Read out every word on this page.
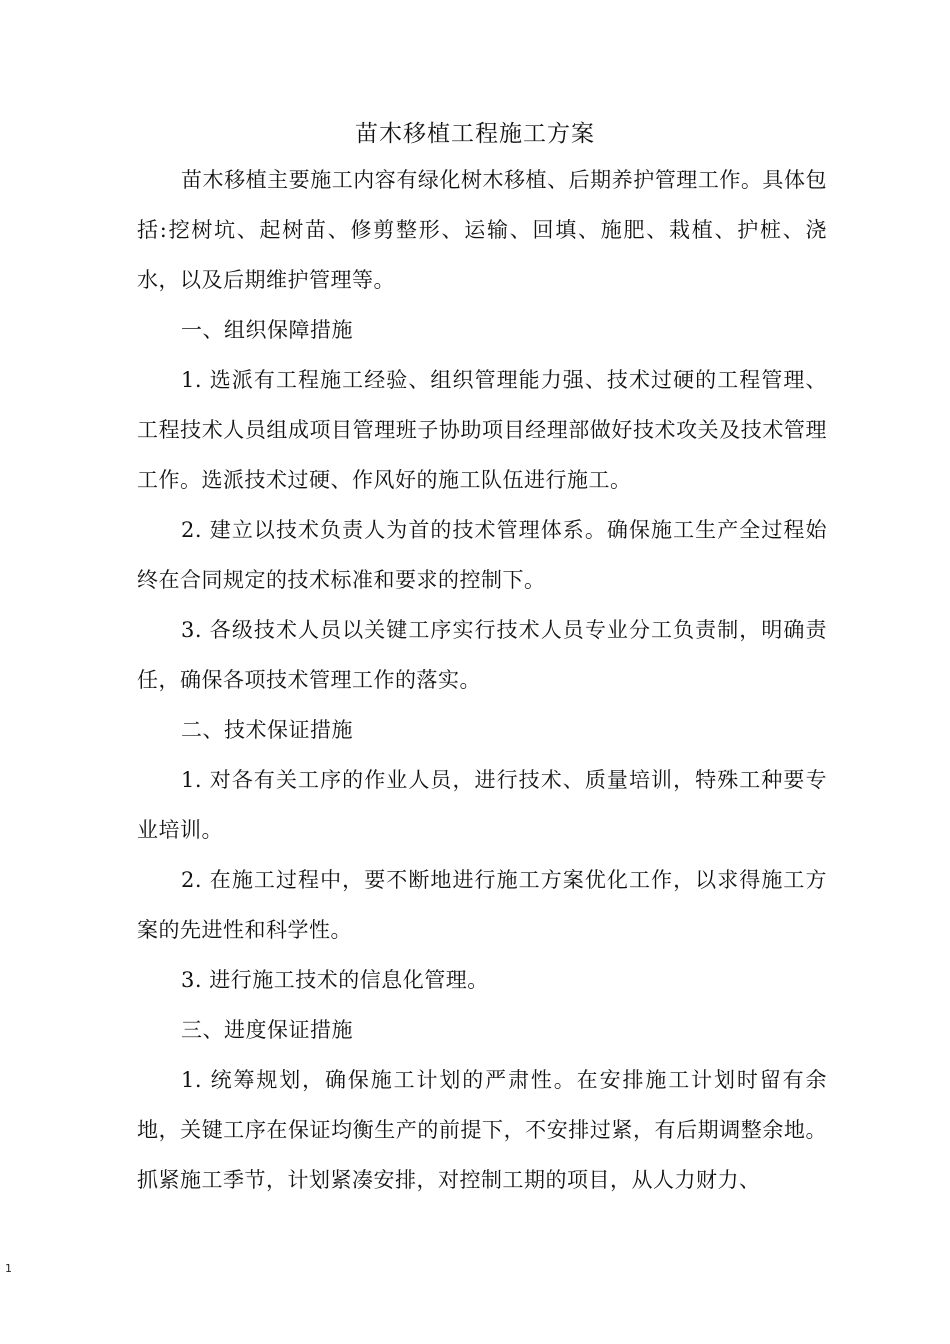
苗木移植工程施工方案

苗木移植主要施工内容有绿化树木移植、后期养护管理工作。具体包括:挖树坑、起树苗、修剪整形、运输、回填、施肥、栽植、护桩、浇水，以及后期维护管理等。

一、组织保障措施

1. 选派有工程施工经验、组织管理能力强、技术过硬的工程管理、工程技术人员组成项目管理班子协助项目经理部做好技术攻关及技术管理工作。选派技术过硬、作风好的施工队伍进行施工。

2. 建立以技术负责人为首的技术管理体系。确保施工生产全过程始终在合同规定的技术标准和要求的控制下。

3. 各级技术人员以关键工序实行技术人员专业分工负责制，明确责任，确保各项技术管理工作的落实。

二、技术保证措施

1. 对各有关工序的作业人员，进行技术、质量培训，特殊工种要专业培训。

2. 在施工过程中，要不断地进行施工方案优化工作，以求得施工方案的先进性和科学性。

3. 进行施工技术的信息化管理。

三、进度保证措施

1. 统筹规划，确保施工计划的严肃性。在安排施工计划时留有余地，关键工序在保证均衡生产的前提下，不安排过紧，有后期调整余地。抓紧施工季节，计划紧凑安排，对控制工期的项目，从人力财力、

1
